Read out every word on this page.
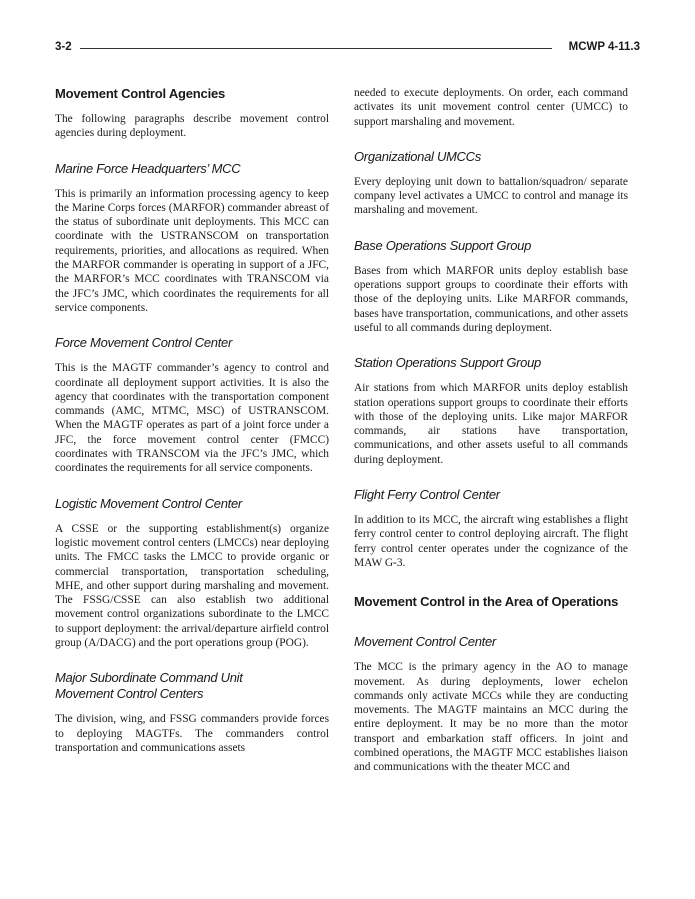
3-2	MCWP 4-11.3
Movement Control Agencies

The following paragraphs describe movement control agencies during deployment.

Marine Force Headquarters’ MCC

This is primarily an information processing agency to keep the Marine Corps forces (MARFOR) commander abreast of the status of subordinate unit deployments. This MCC can coordinate with the USTRANSCOM on transportation requirements, priorities, and allocations as required. When the MARFOR commander is operating in support of a JFC, the MARFOR’s MCC coordinates with TRANSCOM via the JFC’s JMC, which coordinates the requirements for all service components.

Force Movement Control Center

This is the MAGTF commander’s agency to control and coordinate all deployment support activities. It is also the agency that coordinates with the transportation component commands (AMC, MTMC, MSC) of USTRANSCOM. When the MAGTF operates as part of a joint force under a JFC, the force movement control center (FMCC) coordinates with TRANSCOM via the JFC’s JMC, which coordinates the requirements for all service components.

Logistic Movement Control Center

A CSSE or the supporting establishment(s) organize logistic movement control centers (LMCCs) near deploying units. The FMCC tasks the LMCC to provide organic or commercial transportation, transportation scheduling, MHE, and other support during marshaling and movement. The FSSG/CSSE can also establish two additional movement control organizations subordinate to the LMCC to support deployment: the arrival/departure airfield control group (A/DACG) and the port operations group (POG).

Major Subordinate Command Unit
Movement Control Centers

The division, wing, and FSSG commanders provide forces to deploying MAGTFs. The commanders control transportation and communications assets

needed to execute deployments. On order, each command activates its unit movement control center (UMCC) to support marshaling and movement.

Organizational UMCCs

Every deploying unit down to battalion/squadron/ separate company level activates a UMCC to control and manage its marshaling and movement.

Base Operations Support Group

Bases from which MARFOR units deploy establish base operations support groups to coordinate their efforts with those of the deploying units. Like MARFOR commands, bases have transportation, communications, and other assets useful to all commands during deployment.

Station Operations Support Group

Air stations from which MARFOR units deploy establish station operations support groups to coordinate their efforts with those of the deploying units. Like major MARFOR commands, air stations have transportation, communications, and other assets useful to all commands during deployment.

Flight Ferry Control Center

In addition to its MCC, the aircraft wing establishes a flight ferry control center to control deploying aircraft. The flight ferry control center operates under the cognizance of the MAW G-3.

Movement Control in the Area of Operations
Movement Control Center

The MCC is the primary agency in the AO to manage movement. As during deployments, lower echelon commands only activate MCCs while they are conducting movements. The MAGTF maintains an MCC during the entire deployment. It may be no more than the motor transport and embarkation staff officers. In joint and combined operations, the MAGTF MCC establishes liaison and communications with the theater MCC and
